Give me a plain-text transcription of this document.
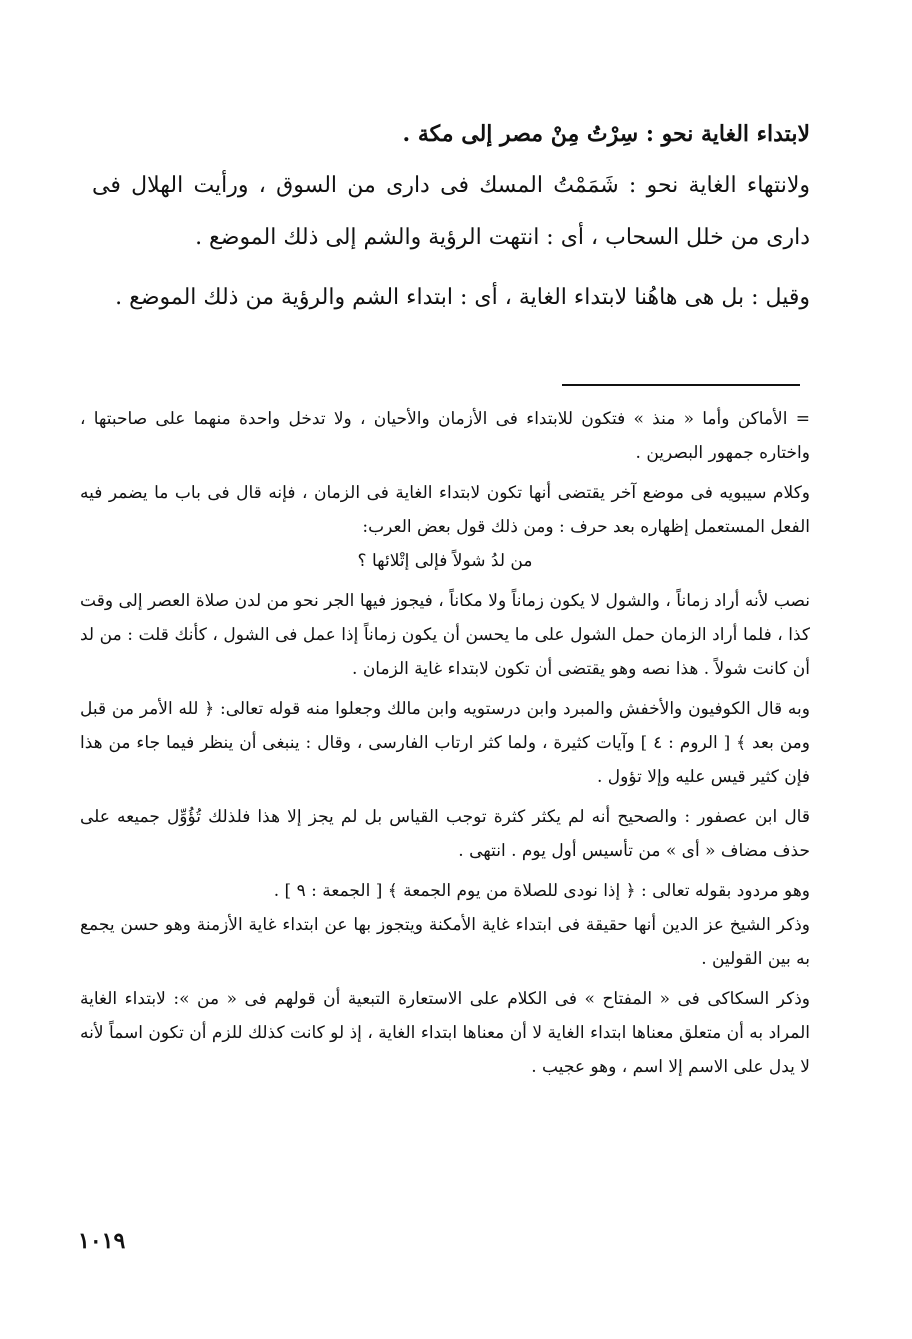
لابتداء الغاية نحو : سِرْتُ مِنْ مصر إلى مكة .

ولانتهاء الغاية نحو : شَمَمْتُ المسك فى دارى من السوق ، ورأيت الهلال فى دارى من خلل السحاب ، أى : انتهت الرؤية والشم إلى ذلك الموضع .

وقيل : بل هى هاهُنا لابتداء الغاية ، أى : ابتداء الشم والرؤية من ذلك الموضع .

= الأماكن وأما « منذ » فتكون للابتداء فى الأزمان والأحيان ، ولا تدخل واحدة منهما على صاحبتها ، واختاره جمهور البصرين .

وكلام سيبويه فى موضع آخر يقتضى أنها تكون لابتداء الغاية فى الزمان ، فإنه قال فى باب ما يضمر فيه الفعل المستعمل إظهاره بعد حرف : ومن ذلك قول بعض العرب:

من لدُ شولاً فإلى إتْلائها ؟

نصب لأنه أراد زماناً ، والشول لا يكون زماناً ولا مكاناً ، فيجوز فيها الجر نحو من لدن صلاة العصر إلى وقت كذا ، فلما أراد الزمان حمل الشول على ما يحسن أن يكون زماناً إذا عمل فى الشول ، كأنك قلت : من لد أن كانت شولاً . هذا نصه وهو يقتضى أن تكون لابتداء غاية الزمان .

وبه قال الكوفيون والأخفش والمبرد وابن درستويه وابن مالك وجعلوا منه قوله تعالى: ﴿ لله الأمر من قبل ومن بعد ﴾ [ الروم : ٤ ] وآيات كثيرة ، ولما كثر ارتاب الفارسى ، وقال : ينبغى أن ينظر فيما جاء من هذا فإن كثير قيس عليه وإلا تؤول .

قال ابن عصفور : والصحيح أنه لم يكثر كثرة توجب القياس بل لم يجز إلا هذا فلذلك تُؤُوِّل جميعه على حذف مضاف « أى » من تأسيس أول يوم . انتهى .

وهو مردود بقوله تعالى : ﴿ إذا نودى للصلاة من يوم الجمعة ﴾ [ الجمعة : ٩ ] .

وذكر الشيخ عز الدين أنها حقيقة فى ابتداء غاية الأمكنة ويتجوز بها عن ابتداء غاية الأزمنة وهو حسن يجمع به بين القولين .

وذكر السكاكى فى « المفتاح » فى الكلام على الاستعارة التبعية أن قولهم فى « من »: لابتداء الغاية المراد به أن متعلق معناها ابتداء الغاية لا أن معناها ابتداء الغاية ، إذ لو كانت كذلك للزم أن تكون اسماً لأنه لا يدل على الاسم إلا اسم ، وهو عجيب .

١٠١٩
